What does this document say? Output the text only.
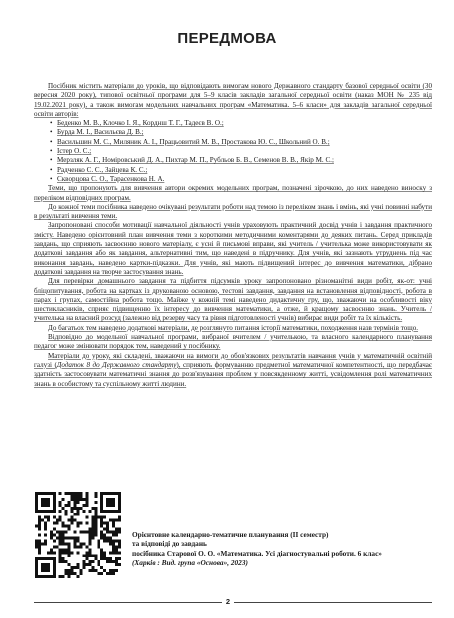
ПЕРЕДМОВА

Посібник містить матеріали до уроків, що відповідають вимогам нового Державного стандарту базової середньої освіти (30 вересня 2020 року), типової освітньої програми для 5–9 класів закладів загальної середньої освіти (наказ МОН № 235 від 19.02.2021 року), а також вимогам модельних навчальних програм «Математика. 5–6 класи» для закладів загальної середньої освіти авторів:

• Беденко М. В., Клочко І. Я., Корднш Т. Г., Тадеєв В. О.;
• Бурда М. І., Васильєва Д. В.;
• Васильшин М. С., Миляник А. І., Працьовитий М. В., Простакова Ю. С., Школьний О. В.;
• Істер О. С.;
• Мерзляк А. Г., Номіровський Д. А., Пихтар М. П., Рубльов Б. В., Семенов В. В., Якір М. С.;
• Радченко С. С., Зайцева К. С.;
• Скворцова С. О., Тарасенкова Н. А.

Теми, що пропонують для вивчення автори окремих модельних програм, позначені зірочкою, до них наведено виноску з переліком відповідних програм.

До кожної теми посібника наведено очікувані результати роботи над темою із переліком знань і вмінь, які учні повинні набути в результаті вивчення теми.

Запропоновані способи мотивації навчальної діяльності учнів ураховують практичний досвід учнів і завдання практичного змісту. Наведено орієнтовний план вивчення теми з короткими методичними коментарями до деяких питань. Серед прикладів завдань, що сприяють засвоєнню нового матеріалу, є усні й письмові вправи, які учитель / учителька може використовувати як додаткові завдання або як завдання, альтернативні тим, що наведені в підручнику. Для учнів, які зазнають утруднень під час виконання завдань, наведено картки-підказки. Для учнів, які мають підвищений інтерес до вивчення математики, дібрано додаткові завдання на творче застосування знань.

Для перевірки домашнього завдання та підбиття підсумків уроку запропоновано різноманітні види робіт, як-от: учні бліцопитування, робота на картках із друкованою основою, тестові завдання, завдання на встановлення відповідності, робота в парах і групах, самостійна робота тощо. Майже у кожній темі наведено дидактичну гру, що, зважаючи на особливості віку шестикласників, сприяє підвищенню їх інтересу до вивчення математики, а отже, й кращому засвоєнню знань. Учитель / учителька на власний розсуд (залежно від резерву часу та рівня підготовленості учнів) вибирає види робіт та їх кількість.

До багатьох тем наведено додаткові матеріали, де розглянуто питання історії математики, походження назв термінів тощо.

Відповідно до модельної навчальної програми, вибраної вчителем / учителькою, та власного календарного планування педагог може змінювати порядок тем, наведений у посібнику.

Матеріали до уроку, які складені, зважаючи на вимоги до обов'язкових результатів навчання учнів у математичній освітній галузі (Додаток 8 до Державного стандарту), сприяють формуванню предметної математичної компетентності, що передбачає здатність застосовувати математичні знання до розв'язування проблем у повсякденному житті, усвідомлення ролі математичних знань в особистому та суспільному житті людини.

Орієнтовне календарно-тематичне планування (II семестр)
та відповіді до завдань
посібника Старової О. О. «Математика. Усі діагностувальні роботи. 6 клас»
(Харків : Вид. група «Основа», 2023)
2
